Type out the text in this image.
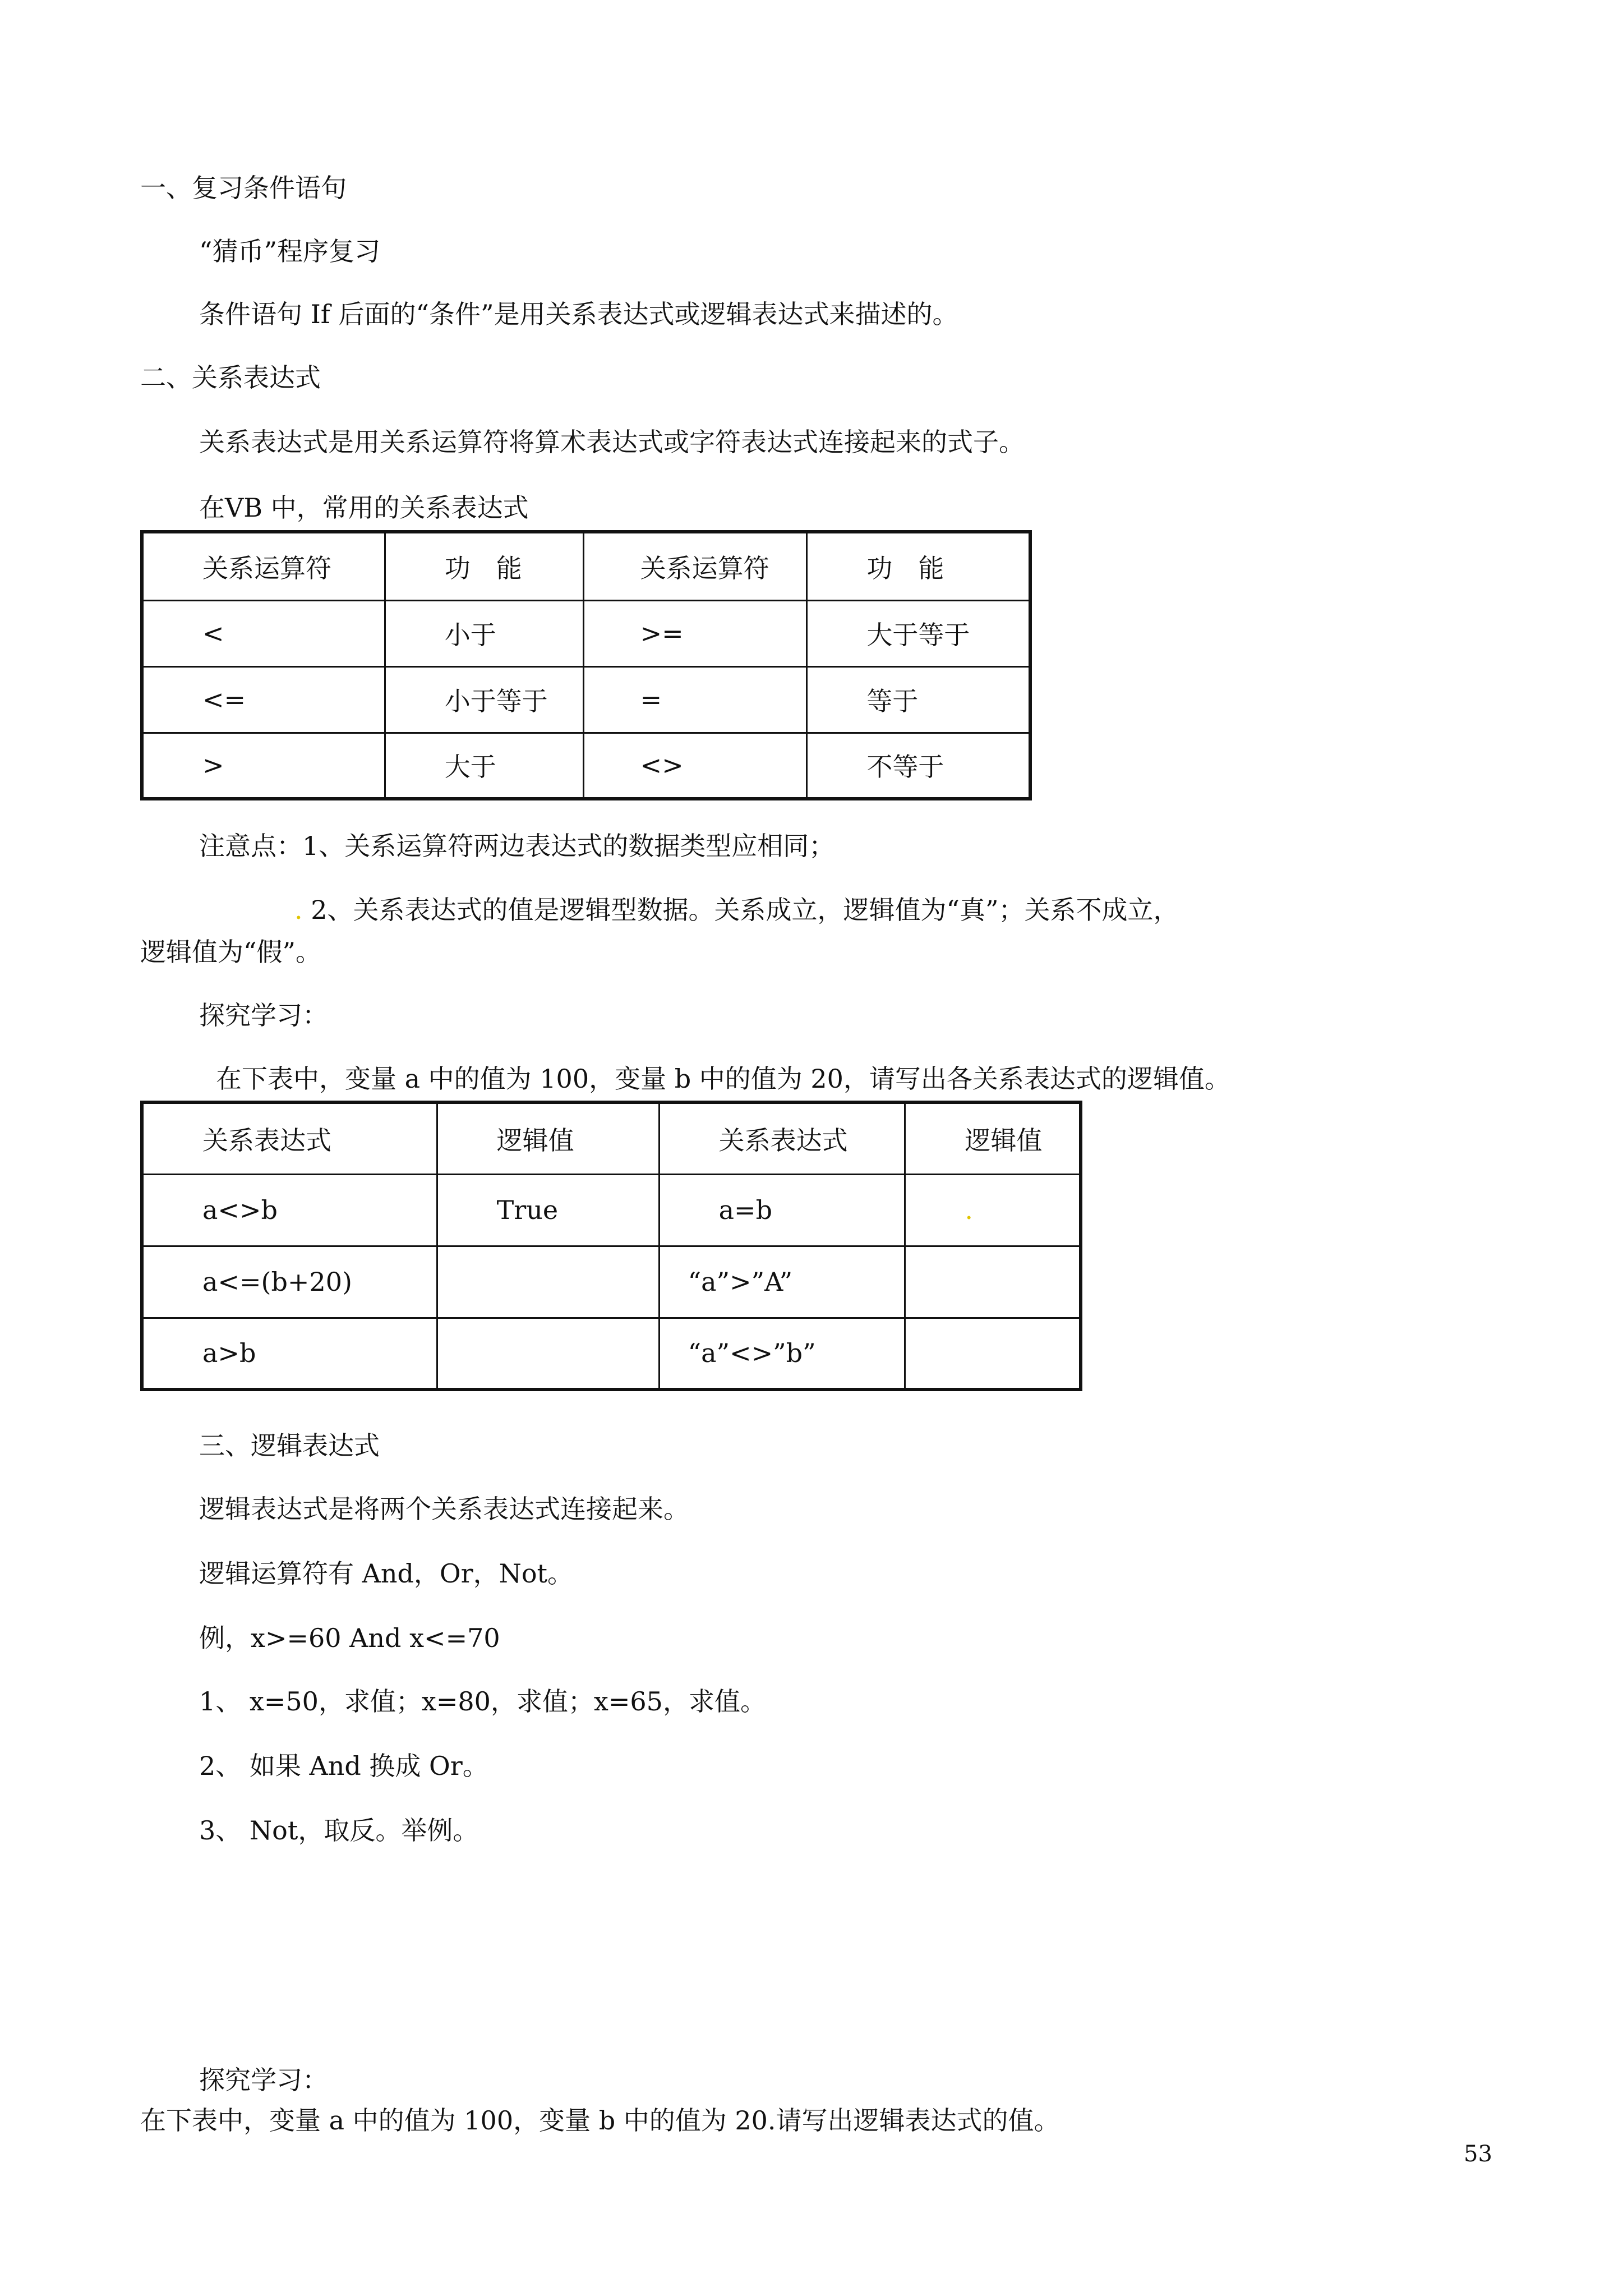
一、复习条件语句
“猜币”程序复习
条件语句 If 后面的“条件”是用关系表达式或逻辑表达式来描述的。
二、关系表达式
关系表达式是用关系运算符将算术表达式或字符表达式连接起来的式子。
在VB 中，常用的关系表达式
关系运算符	功　能	关系运算符	功　能
<	小于	>=	大于等于
<=	小于等于	=	等于
>	大于	<>	不等于
注意点：1、关系运算符两边表达式的数据类型应相同；
. 2、关系表达式的值是逻辑型数据。关系成立，逻辑值为“真”；关系不成立，
逻辑值为“假”。
探究学习：
在下表中，变量 a 中的值为 100，变量 b 中的值为 20，请写出各关系表达式的逻辑值。
关系表达式	逻辑值	关系表达式	逻辑值
a<>b	True	a=b	.
a<=(b+20)		“a”>”A”	
a>b		“a”<>”b”	
三、逻辑表达式
逻辑表达式是将两个关系表达式连接起来。
逻辑运算符有 And，Or，Not。
例，x>=60 And x<=70
1、 x=50，求值；x=80，求值；x=65，求值。
2、 如果 And 换成 Or。
3、 Not，取反。举例。
探究学习：
在下表中，变量 a 中的值为 100，变量 b 中的值为 20.请写出逻辑表达式的值。
53
